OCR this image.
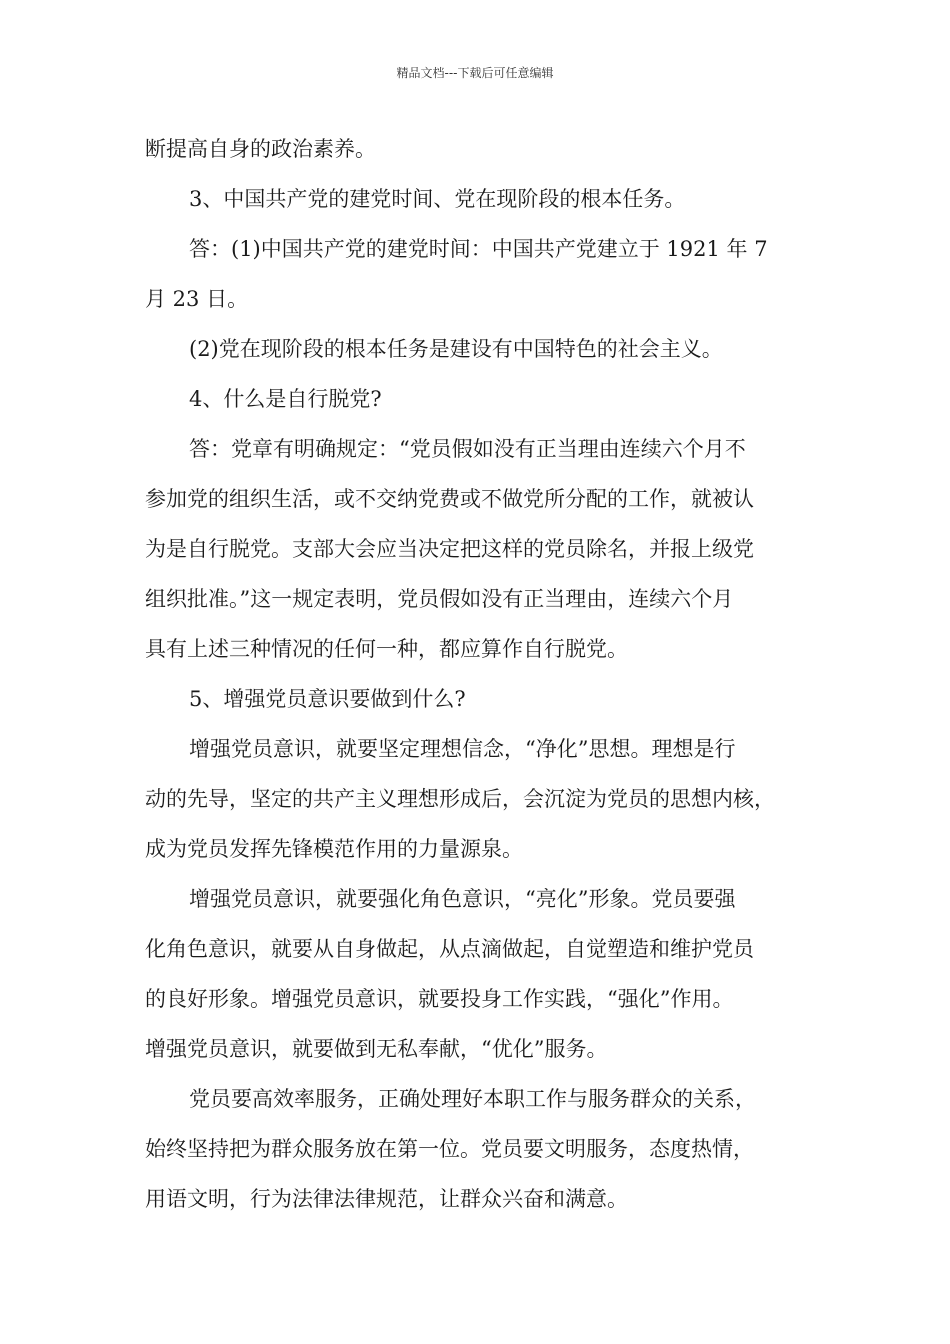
精品文档---下载后可任意编辑
断提高自身的政治素养。
3、中国共产党的建党时间、党在现阶段的根本任务。
答：(1)中国共产党的建党时间：中国共产党建立于 1921 年 7
月 23 日。
(2)党在现阶段的根本任务是建设有中国特色的社会主义。
4、什么是自行脱党?
答：党章有明确规定：“党员假如没有正当理由连续六个月不
参加党的组织生活，或不交纳党费或不做党所分配的工作，就被认
为是自行脱党。支部大会应当决定把这样的党员除名，并报上级党
组织批准。”这一规定表明，党员假如没有正当理由，连续六个月
具有上述三种情况的任何一种，都应算作自行脱党。
5、增强党员意识要做到什么?
增强党员意识，就要坚定理想信念，“净化”思想。理想是行
动的先导，坚定的共产主义理想形成后，会沉淀为党员的思想内核，
成为党员发挥先锋模范作用的力量源泉。
增强党员意识，就要强化角色意识，“亮化”形象。党员要强
化角色意识，就要从自身做起，从点滴做起，自觉塑造和维护党员
的良好形象。增强党员意识，就要投身工作实践，“强化”作用。
增强党员意识，就要做到无私奉献，“优化”服务。
党员要高效率服务，正确处理好本职工作与服务群众的关系，
始终坚持把为群众服务放在第一位。党员要文明服务，态度热情，
用语文明，行为法律法律规范，让群众兴奋和满意。
